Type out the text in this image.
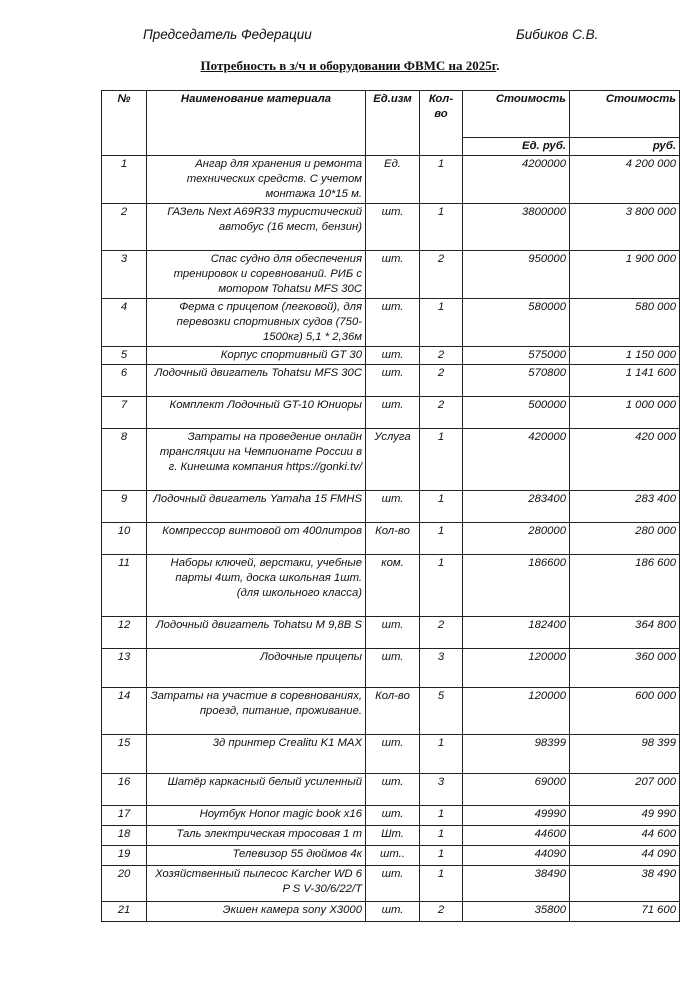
Председатель Федерации	Бибиков С.В.
Потребность в з/ч и оборудовании ФВМС на 2025г.
№	Наименование материала	Ед.изм	Кол-во	Стоимость	Стоимость
				Ед. руб.	руб.
1	Ангар для хранения и ремонта технических средств. С учетом монтажа 10*15 м.	Ед.	1	4200000	4 200 000
2	ГАЗель Next A69R33 туристический автобус (16 мест, бензин)	шт.	1	3800000	3 800 000
3	Спас судно для обеспечения тренировок и соревнований. РИБ с мотором Tohatsu MFS 30C	шт.	2	950000	1 900 000
4	Ферма с прицепом (легковой), для перевозки спортивных судов (750-1500кг) 5,1 * 2,36м	шт.	1	580000	580 000
5	Корпус спортивный GT 30	шт.	2	575000	1 150 000
6	Лодочный двигатель Tohatsu MFS 30C	шт.	2	570800	1 141 600
7	Комплект Лодочный GT-10 Юниоры	шт.	2	500000	1 000 000
8	Затраты на проведение онлайн трансляции на Чемпионате России в г. Кинешма компания https://gonki.tv/	Услуга	1	420000	420 000
9	Лодочный двигатель Yamaha 15 FMHS	шт.	1	283400	283 400
10	Компрессор винтовой от 400литров	Кол-во	1	280000	280 000
11	Наборы ключей, верстаки, учебные парты 4шт, доска школьная 1шт. (для школьного класса)	ком.	1	186600	186 600
12	Лодочный двигатель Tohatsu M 9,8B S	шт.	2	182400	364 800
13	Лодочные прицепы	шт.	3	120000	360 000
14	Затраты на участие в соревнованиях, проезд, питание, проживание.	Кол-во	5	120000	600 000
15	3д принтер Crealitu K1 MAX	шт.	1	98399	98 399
16	Шатёр каркасный белый усиленный	шт.	3	69000	207 000
17	Ноутбук Honor magic book x16	шт.	1	49990	49 990
18	Таль электрическая тросовая 1 т	Шт.	1	44600	44 600
19	Телевизор 55 дюймов 4к	шт..	1	44090	44 090
20	Хозяйственный пылесос Karcher WD 6 P S V-30/6/22/T	шт.	1	38490	38 490
21	Экшен камера sony X3000	шт.	2	35800	71 600
